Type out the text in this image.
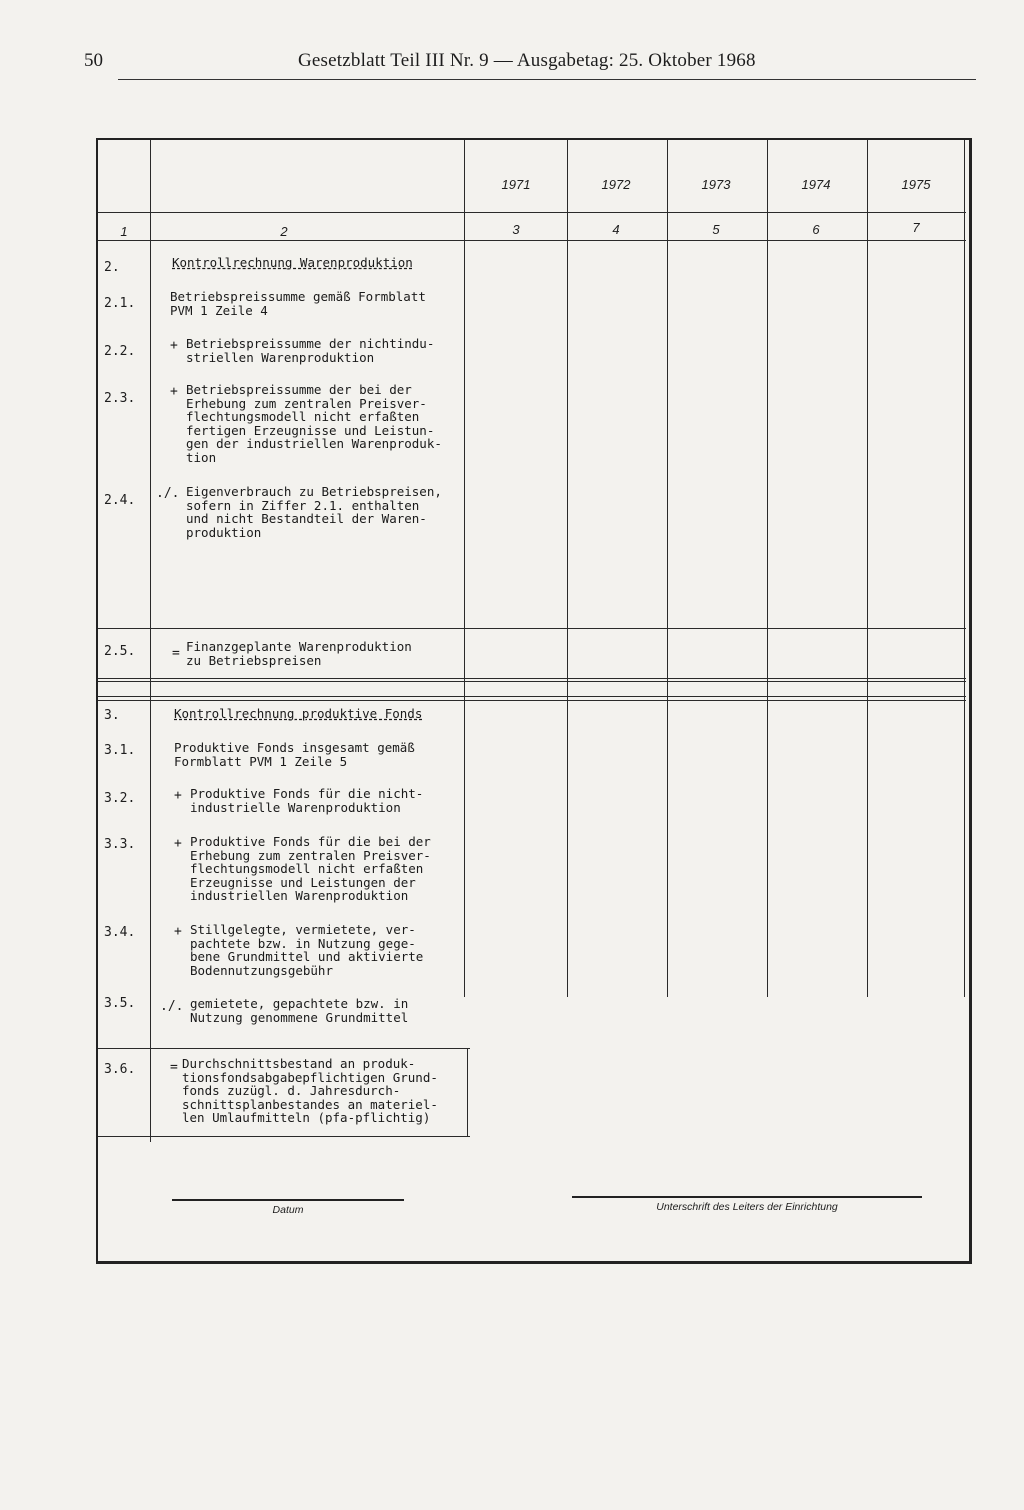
50	Gesetzblatt Teil III Nr. 9 — Ausgabetag: 25. Oktober 1968
1971	1972	1973	1974	1975
1	2	3	4	5	6	7
2.	Kontrollrechnung Warenproduktion
2.1.	Betriebspreissumme gemäß Formblatt
PVM 1 Zeile 4
2.2.	+ Betriebspreissumme der nichtindu-
striellen Warenproduktion
2.3.	+ Betriebspreissumme der bei der
Erhebung zum zentralen Preisver-
flechtungsmodell nicht erfaßten
fertigen Erzeugnisse und Leistun-
gen der industriellen Warenproduk-
tion
2.4. ./. Eigenverbrauch zu Betriebspreisen,
sofern in Ziffer 2.1. enthalten
und nicht Bestandteil der Waren-
produktion
2.5.	= Finanzgeplante Warenproduktion
zu Betriebspreisen
3.	Kontrollrechnung produktive Fonds
3.1.	Produktive Fonds insgesamt gemäß
Formblatt PVM 1 Zeile 5
3.2.	+ Produktive Fonds für die nicht-
industrielle Warenproduktion
3.3.	+ Produktive Fonds für die bei der
Erhebung zum zentralen Preisver-
flechtungsmodell nicht erfaßten
Erzeugnisse und Leistungen der
industriellen Warenproduktion
3.4.	+ Stillgelegte, vermietete, ver-
pachtete bzw. in Nutzung gege-
bene Grundmittel und aktivierte
Bodennutzungsgebühr
3.5. ./. gemietete, gepachtete bzw. in
Nutzung genommene Grundmittel
3.6.	= Durchschnittsbestand an produk-
tionsfondsabgabepflichtigen Grund-
fonds zuzügl. d. Jahresdurch-
schnittsplanbestandes an materiel-
len Umlaufmitteln (pfa-pflichtig)
Datum	Unterschrift des Leiters der Einrichtung
